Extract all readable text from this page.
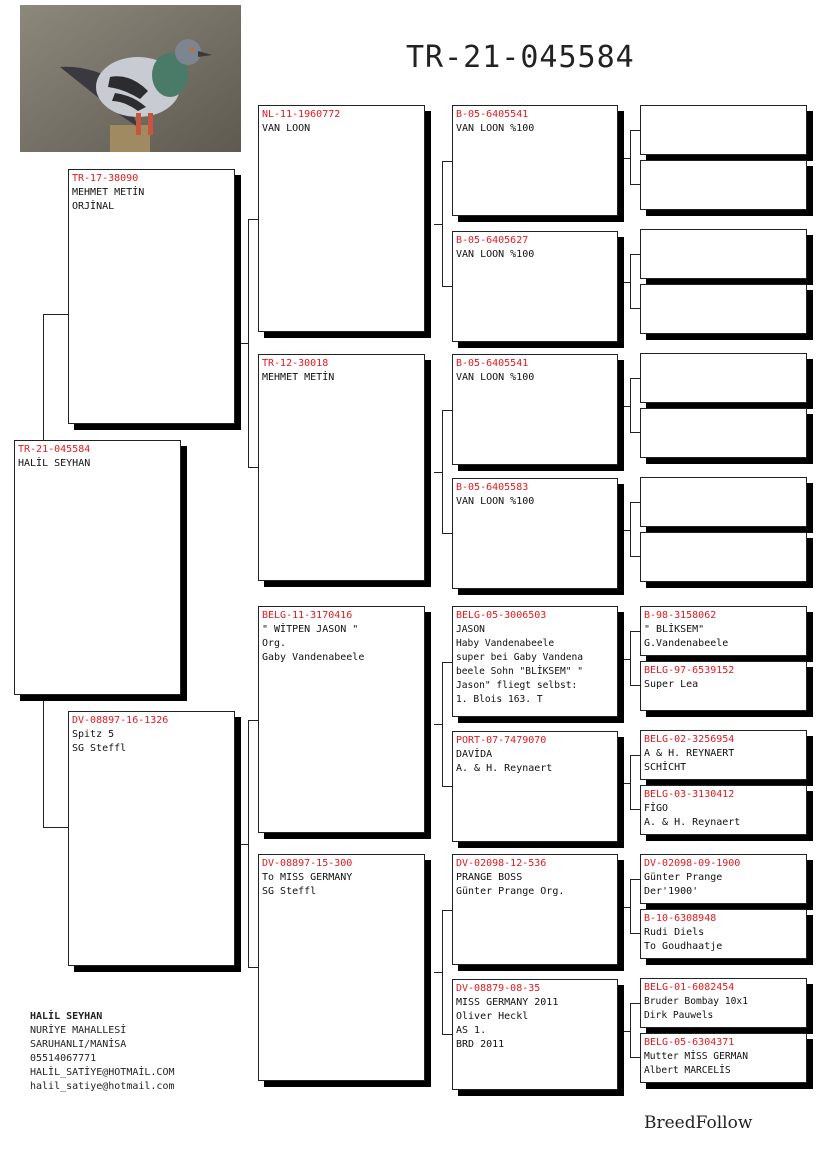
TR-21-045584
TR-21-045584
HALİL SEYHAN
TR-17-38090
MEHMET METİN
ORJİNAL
DV-08897-16-1326
Spitz 5
SG Steffl
NL-11-1960772
VAN LOON
TR-12-30018
MEHMET METİN
BELG-11-3170416
" WİTPEN JASON "
Org.
Gaby Vandenabeele
DV-08897-15-300
To MISS GERMANY
SG Steffl
B-05-6405541
VAN LOON %100
B-05-6405627
VAN LOON %100
B-05-6405541
VAN LOON %100
B-05-6405583
VAN LOON %100
BELG-05-3006503
JASON
Haby Vandenabeele
super bei Gaby Vandena
beele Sohn "BLİKSEM" "
Jason" fliegt selbst:
1. Blois 163. T
PORT-07-7479070
DAVİDA
A. & H. Reynaert
DV-02098-12-536
PRANGE BOSS
Günter Prange Org.
DV-08879-08-35
MISS GERMANY 2011
Oliver Heckl
AS 1.
BRD 2011
B-98-3158062
" BLİKSEM"
G.Vandenabeele
BELG-97-6539152
Super Lea
BELG-02-3256954
A & H. REYNAERT
SCHİCHT
BELG-03-3130412
FİGO
A. & H. Reynaert
DV-02098-09-1900
Günter Prange
Der'1900'
B-10-6308948
Rudi Diels
To Goudhaatje
BELG-01-6082454
Bruder Bombay 10x1
Dirk Pauwels
BELG-05-6304371
Mutter MİSS GERMAN
Albert MARCELİS
HALİL SEYHAN
NURİYE MAHALLESİ
SARUHANLI/MANİSA
05514067771
HALİL_SATİYE@HOTMAİL.COM
halil_satiye@hotmail.com
BreedFollow
